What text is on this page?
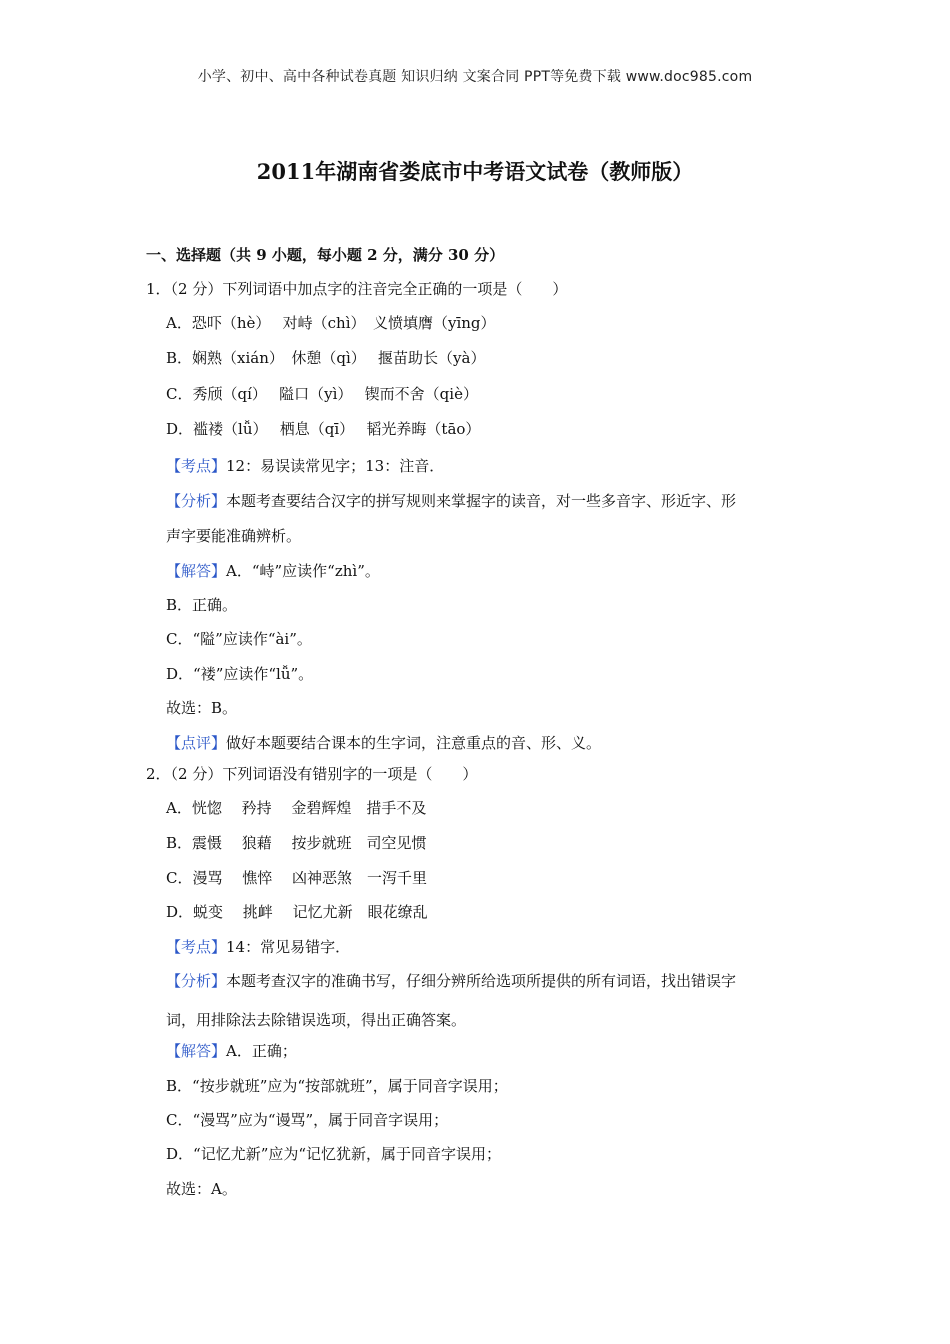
小学、初中、高中各种试卷真题 知识归纳 文案合同 PPT等免费下载 www.doc985.com
2011年湖南省娄底市中考语文试卷（教师版）
一、选择题（共 9 小题，每小题 2 分，满分 30 分）
1．（2 分）下列词语中加点字的注音完全正确的一项是（　　）
A．恐吓（hè）　 对峙（chì）　义愤填膺（yīng）
B．娴熟（xián）　休憩（qì）　 揠苗助长（yà）
C．秀颀（qí）　 隘口（yì）　 锲而不舍（qiè）
D．褴褛（lǚ）　 栖息（qī）　 韬光养晦（tāo）
【考点】12：易误读常见字；13：注音．
【分析】本题考查要结合汉字的拼写规则来掌握字的读音，对一些多音字、形近字、形
声字要能准确辨析。
【解答】A．“峙”应读作“zhì”。
B．正确。
C．“隘”应读作“ài”。
D．“褛”应读作“lǚ”。
故选：B。
【点评】做好本题要结合课本的生字词，注意重点的音、形、义。
2．（2 分）下列词语没有错别字的一项是（　　）
A．恍惚　 矜持　 金碧辉煌　措手不及
B．震慑　 狼藉　 按步就班　司空见惯
C．漫骂　 憔悴　 凶神恶煞　一泻千里
D．蜕变　 挑衅　 记忆尤新　眼花缭乱
【考点】14：常见易错字．
【分析】本题考查汉字的准确书写，仔细分辨所给选项所提供的所有词语，找出错误字
词，用排除法去除错误选项，得出正确答案。
【解答】A．正确；
B．“按步就班”应为“按部就班”，属于同音字误用；
C．“漫骂”应为“谩骂”，属于同音字误用；
D．“记忆尤新”应为“记忆犹新，属于同音字误用；
故选：A。
